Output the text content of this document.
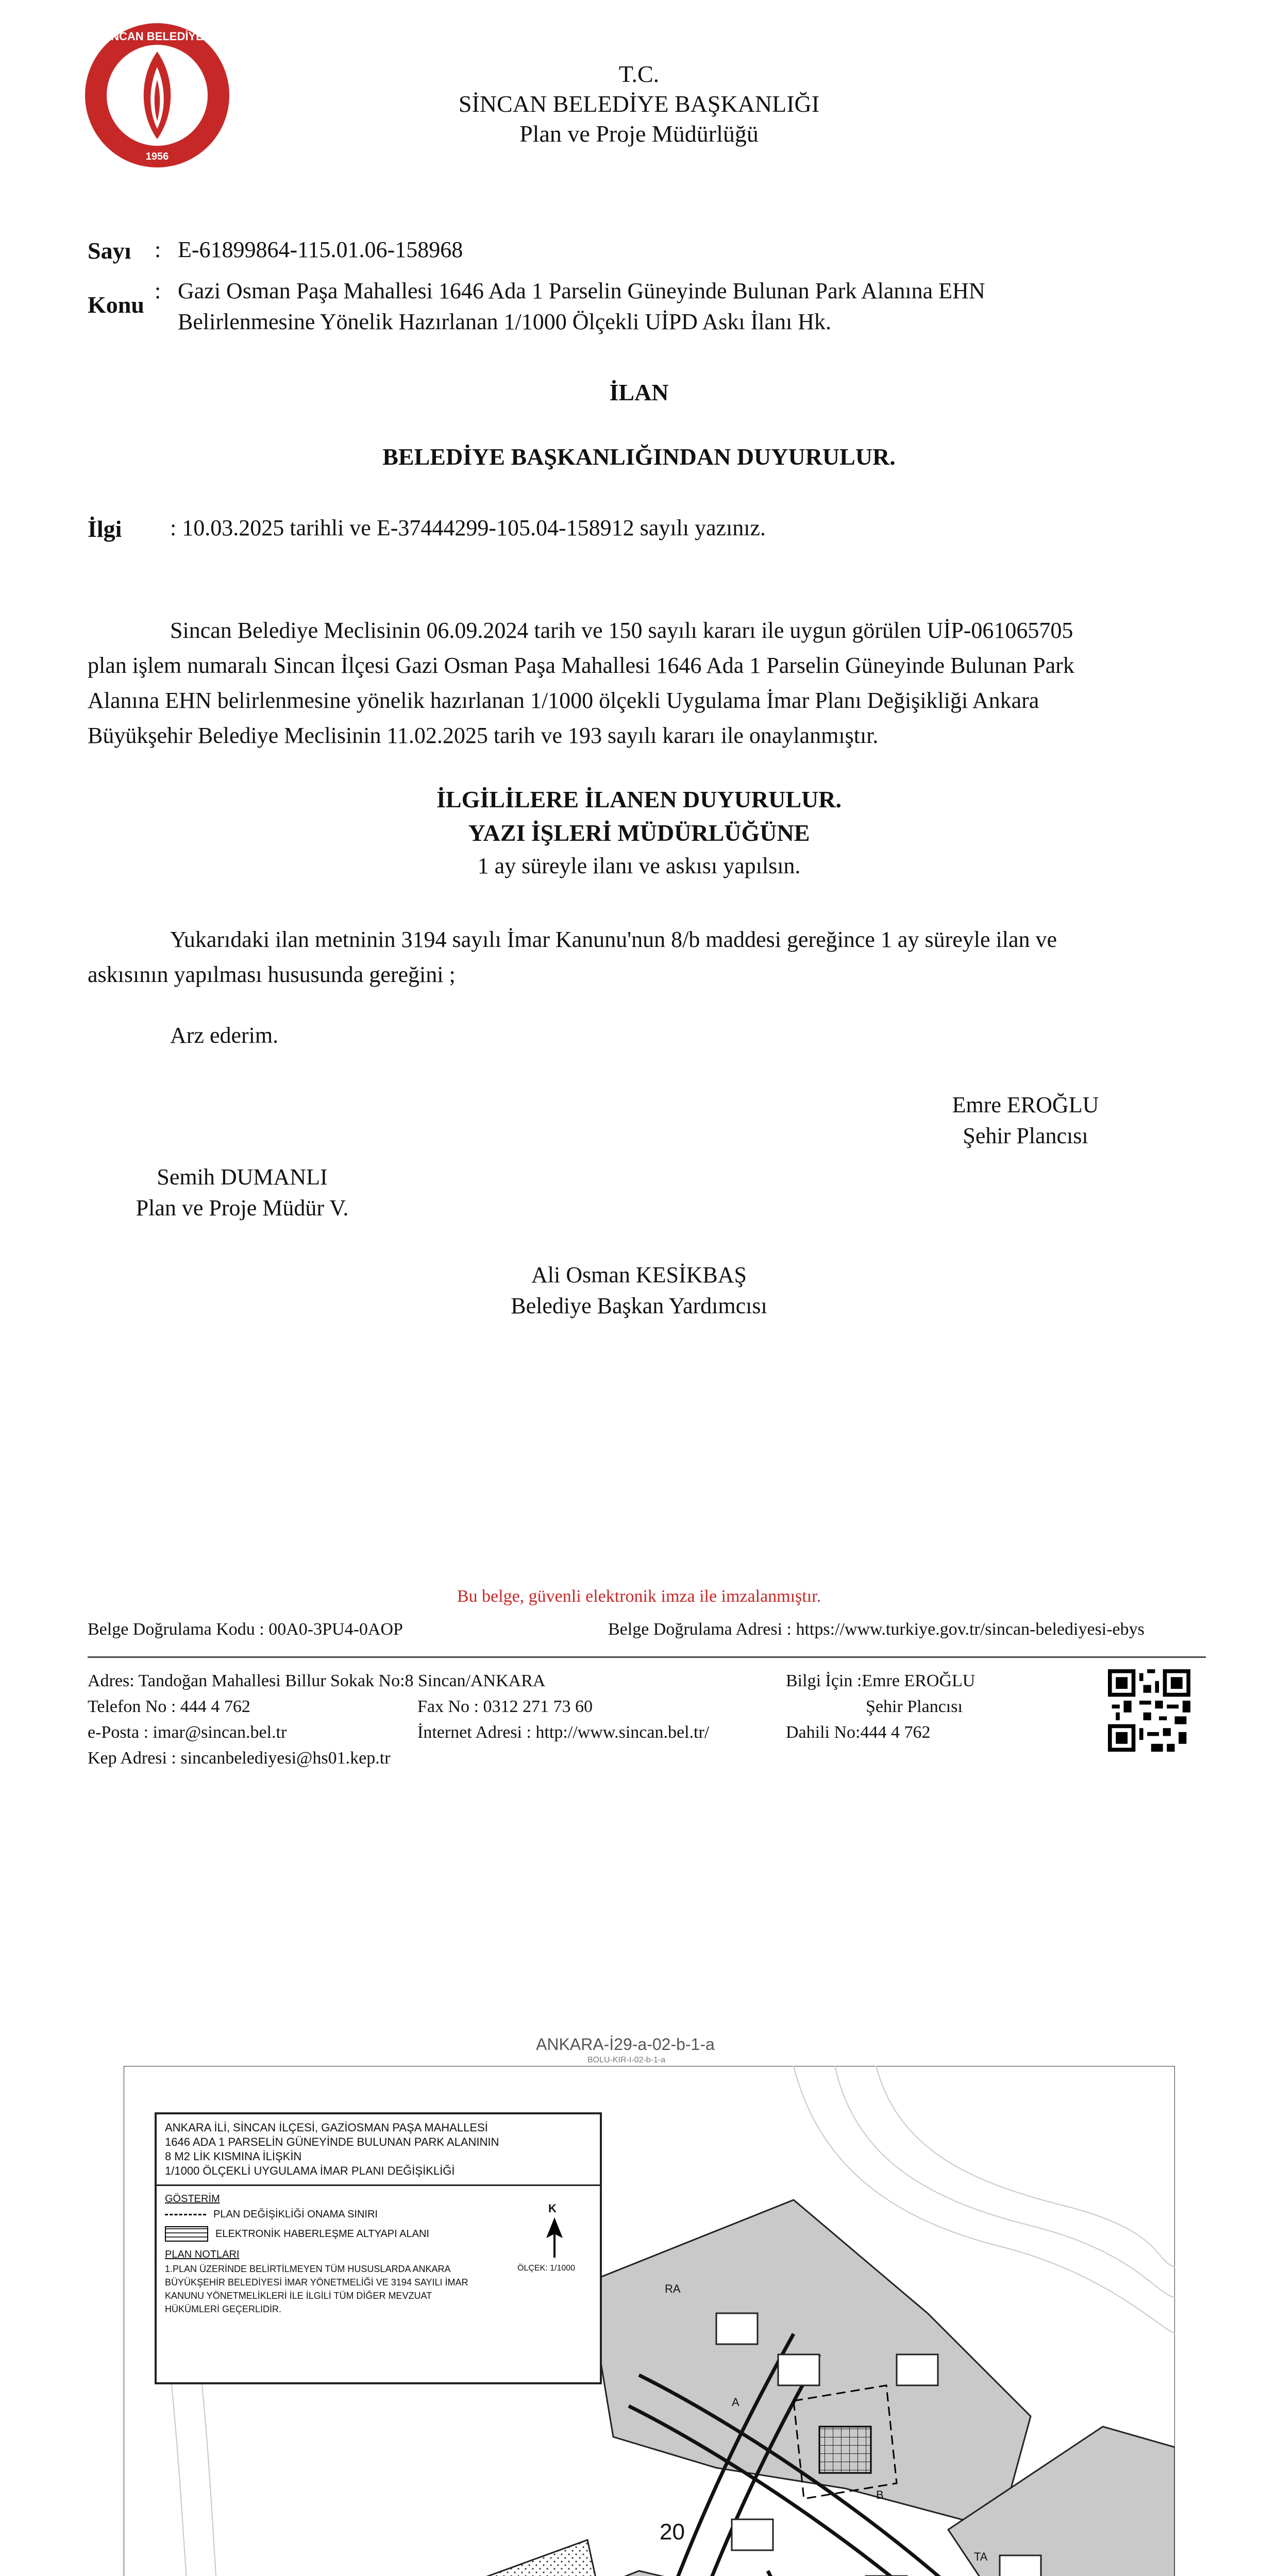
SİNCAN BELEDİYESİ
1956
T.C.
SİNCAN BELEDİYE BAŞKANLIĞI
Plan ve Proje Müdürlüğü
Sayı : E-61899864-115.01.06-158968
Konu
: Gazi Osman Paşa Mahallesi 1646 Ada 1 Parselin Güneyinde Bulunan Park Alanına EHN
Belirlenmesine Yönelik Hazırlanan 1/1000 Ölçekli UİPD Askı İlanı Hk.
İLAN
BELEDİYE BAŞKANLIĞINDAN DUYURULUR.
İlgi : 10.03.2025 tarihli ve E-37444299-105.04-158912 sayılı yazınız.
Sincan Belediye Meclisinin 06.09.2024 tarih ve 150 sayılı kararı ile uygun görülen UİP-061065705
plan işlem numaralı Sincan İlçesi Gazi Osman Paşa Mahallesi 1646 Ada 1 Parselin Güneyinde Bulunan Park
Alanına EHN belirlenmesine yönelik hazırlanan 1/1000 ölçekli Uygulama İmar Planı Değişikliği Ankara
Büyükşehir Belediye Meclisinin 11.02.2025 tarih ve 193 sayılı kararı ile onaylanmıştır.
İLGİLİLERE İLANEN DUYURULUR.
YAZI İŞLERİ MÜDÜRLÜĞÜNE
1 ay süreyle ilanı ve askısı yapılsın.
Yukarıdaki ilan metninin 3194 sayılı İmar Kanunu'nun 8/b maddesi gereğince 1 ay süreyle ilan ve
askısının yapılması hususunda gereğini ;
Arz ederim.
Emre EROĞLU
Şehir Plancısı
Semih DUMANLI
Plan ve Proje Müdür V.
Ali Osman KESİKBAŞ
Belediye Başkan Yardımcısı
Bu belge, güvenli elektronik imza ile imzalanmıştır.
Belge Doğrulama Kodu : 00A0-3PU4-0AOP	Belge Doğrulama Adresi : https://www.turkiye.gov.tr/sincan-belediyesi-ebys
Adres: Tandoğan Mahallesi Billur Sokak No:8 Sincan/ANKARA
Telefon No : 444 4 762	Fax No : 0312 271 73 60
e-Posta : imar@sincan.bel.tr	İnternet Adresi : http://www.sincan.bel.tr/
Kep Adresi : sincanbelediyesi@hs01.kep.tr
Bilgi İçin :Emre EROĞLU
Şehir Plancısı
Dahili No:444 4 762
ANKARA-İ29-a-02-b-1-a
BOLU-KIR-I-02-b-1-a
ANKARA İLİ, SİNCAN İLÇESİ, GAZİOSMAN PAŞA MAHALLESİ
1646 ADA 1 PARSELİN GÜNEYİNDE BULUNAN PARK ALANININ
8 M2 LİK KISMINA İLİŞKİN
1/1000 ÖLÇEKLİ UYGULAMA İMAR PLANI DEĞİŞİKLİĞİ
GÖSTERİM
PLAN DEĞİŞİKLİĞİ ONAMA SINIRI
ELEKTRONİK HABERLEŞME ALTYAPI ALANI
PLAN NOTLARI
1.PLAN ÜZERİNDE BELİRTİLMEYEN TÜM HUSUSLARDA ANKARA
BÜYÜKŞEHİR BELEDİYESİ İMAR YÖNETMELİĞİ VE 3194 SAYILI İMAR
KANUNU YÖNETMELİKLERİ İLE İLGİLİ TÜM DİĞER MEVZUAT
HÜKÜMLERİ GEÇERLİDİR.
K
ÖLÇEK: 1/1000
RA
TA
20
A
B
